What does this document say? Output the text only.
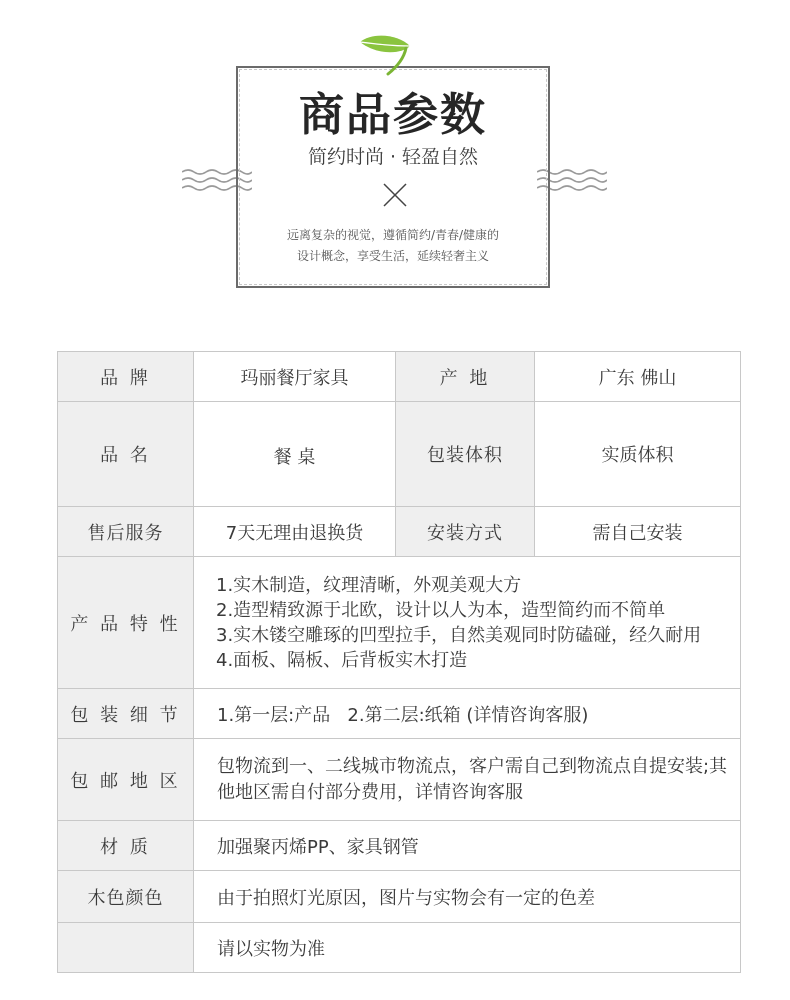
商品参数
简约时尚 · 轻盈自然
远离复杂的视觉，遵循简约/青春/健康的
设计概念，享受生活，延续轻奢主义
品 牌	玛丽餐厅家具	产 地	广东 佛山
品 名	餐 桌	包装体积	实质体积
售后服务	7天无理由退换货	安装方式	需自己安装
产 品 特 性	1.实木制造，纹理清晰，外观美观大方
2.造型精致源于北欧，设计以人为本，造型简约而不简单
3.实木镂空雕琢的凹型拉手，自然美观同时防磕碰，经久耐用
4.面板、隔板、后背板实木打造		

包 装 细 节	1.第一层:产品   2.第二层:纸箱 (详情咨询客服)		
包 邮 地 区	包物流到一、二线城市物流点，客户需自己到物流点自提安装;其他地区需自付部分费用，详情咨询客服		
材 质	加强聚丙烯PP、家具钢管		
木色颜色	由于拍照灯光原因，图片与实物会有一定的色差		
	请以实物为准		
